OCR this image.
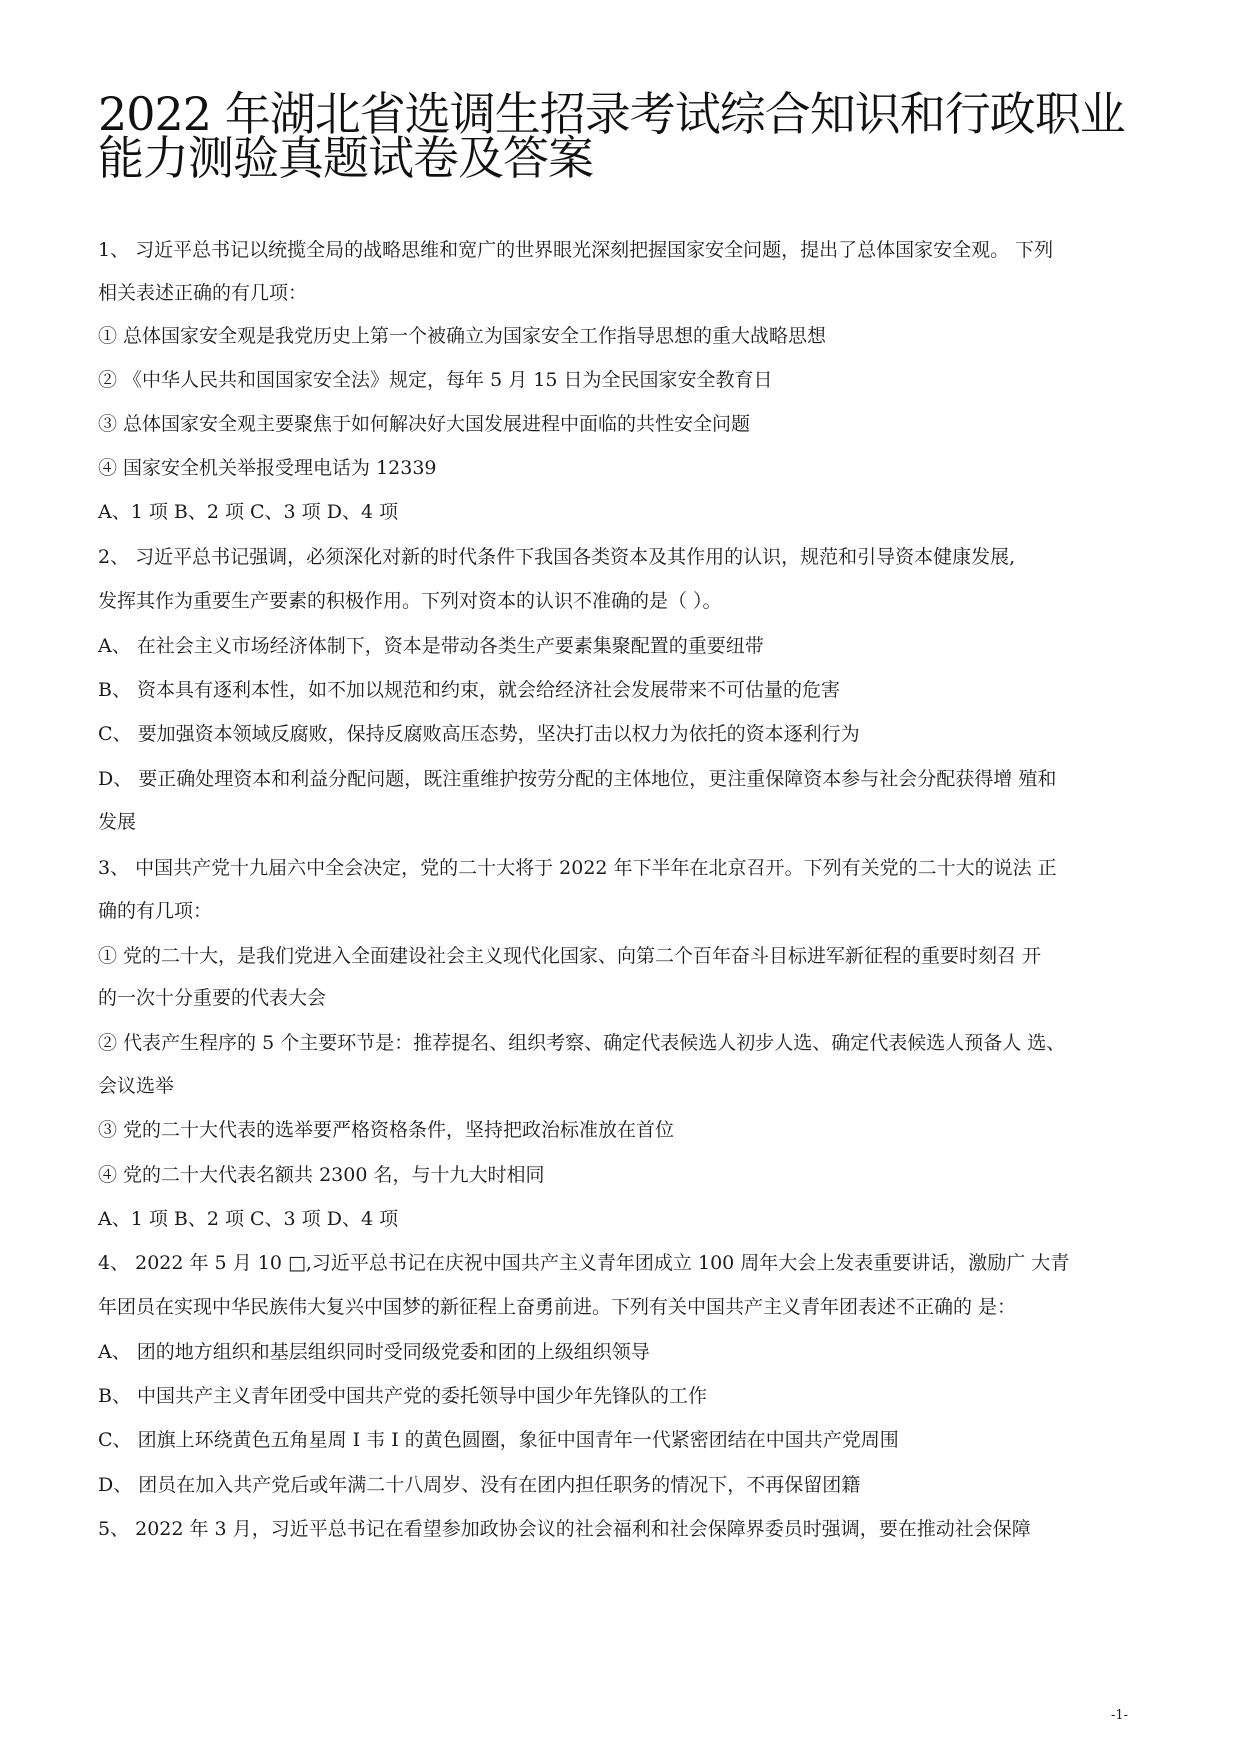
2022 年湖北省选调生招录考试综合知识和行政职业能力测验真题试卷及答案

1、 习近平总书记以统揽全局的战略思维和宽广的世界眼光深刻把握国家安全问题，提出了总体国家安全观。 下列

相关表述正确的有几项：

① 总体国家安全观是我党历史上第一个被确立为国家安全工作指导思想的重大战略思想

② 《中华人民共和国国家安全法》规定，每年 5 月 15 日为全民国家安全教育日

③ 总体国家安全观主要聚焦于如何解决好大国发展进程中面临的共性安全问题

④ 国家安全机关举报受理电话为 12339

A、1 项 B、2 项 C、3 项 D、4 项

2、 习近平总书记强调，必须深化对新的时代条件下我国各类资本及其作用的认识，规范和引导资本健康发展,

发挥其作为重要生产要素的积极作用。下列对资本的认识不准确的是（ ）。

A、 在社会主义市场经济体制下，资本是带动各类生产要素集聚配置的重要纽带

B、 资本具有逐利本性，如不加以规范和约束，就会给经济社会发展带来不可估量的危害

C、 要加强资本领域反腐败，保持反腐败高压态势，坚决打击以权力为依托的资本逐利行为

D、 要正确处理资本和利益分配问题，既注重维护按劳分配的主体地位，更注重保障资本参与社会分配获得增 殖和

发展

3、 中国共产党十九届六中全会决定，党的二十大将于 2022 年下半年在北京召开。下列有关党的二十大的说法 正

确的有几项：

① 党的二十大，是我们党进入全面建设社会主义现代化国家、向第二个百年奋斗目标进军新征程的重要时刻召 开

的一次十分重要的代表大会

② 代表产生程序的 5 个主要环节是：推荐提名、组织考察、确定代表候选人初步人选、确定代表候选人预备人 选、

会议选举

③ 党的二十大代表的选举要严格资格条件，坚持把政治标准放在首位

④ 党的二十大代表名额共 2300 名，与十九大时相同

A、1 项 B、2 项 C、3 项 D、4 项

4、 2022 年 5 月 10 □,习近平总书记在庆祝中国共产主义青年团成立 100 周年大会上发表重要讲话，激励广 大青

年团员在实现中华民族伟大复兴中国梦的新征程上奋勇前进。下列有关中国共产主义青年团表述不正确的 是：

A、 团的地方组织和基层组织同时受同级党委和团的上级组织领导

B、 中国共产主义青年团受中国共产党的委托领导中国少年先锋队的工作

C、 团旗上环绕黄色五角星周 I 韦 I 的黄色圆圈，象征中国青年一代紧密团结在中国共产党周围

D、 团员在加入共产党后或年满二十八周岁、没有在团内担任职务的情况下，不再保留团籍

5、 2022 年 3 月，习近平总书记在看望参加政协会议的社会福利和社会保障界委员时强调，要在推动社会保障

-1-
